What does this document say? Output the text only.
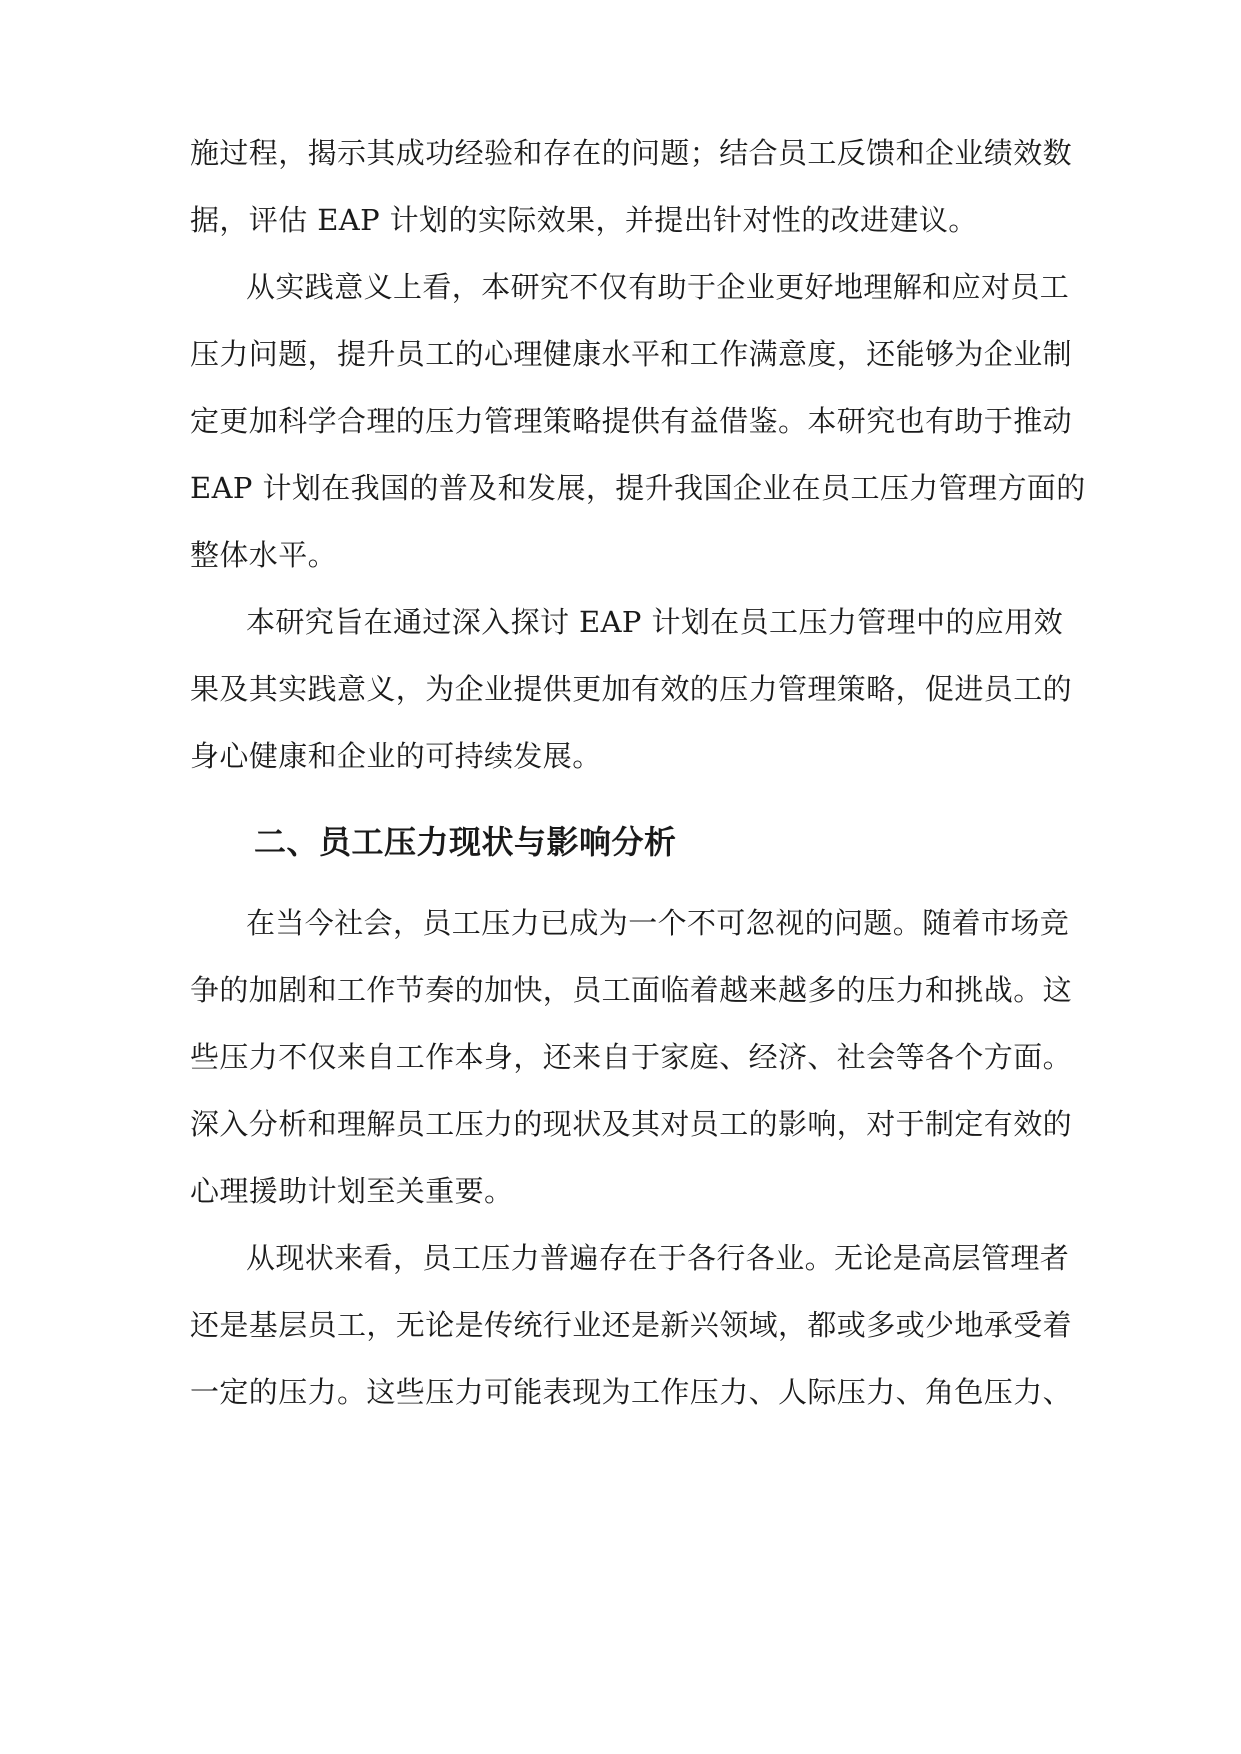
施过程，揭示其成功经验和存在的问题；结合员工反馈和企业绩效数
据，评估 EAP 计划的实际效果，并提出针对性的改进建议。
从实践意义上看，本研究不仅有助于企业更好地理解和应对员工
压力问题，提升员工的心理健康水平和工作满意度，还能够为企业制
定更加科学合理的压力管理策略提供有益借鉴。本研究也有助于推动
EAP 计划在我国的普及和发展，提升我国企业在员工压力管理方面的
整体水平。
本研究旨在通过深入探讨 EAP 计划在员工压力管理中的应用效
果及其实践意义，为企业提供更加有效的压力管理策略，促进员工的
身心健康和企业的可持续发展。
二、员工压力现状与影响分析
在当今社会，员工压力已成为一个不可忽视的问题。随着市场竞
争的加剧和工作节奏的加快，员工面临着越来越多的压力和挑战。这
些压力不仅来自工作本身，还来自于家庭、经济、社会等各个方面。
深入分析和理解员工压力的现状及其对员工的影响，对于制定有效的
心理援助计划至关重要。
从现状来看，员工压力普遍存在于各行各业。无论是高层管理者
还是基层员工，无论是传统行业还是新兴领域，都或多或少地承受着
一定的压力。这些压力可能表现为工作压力、人际压力、角色压力、
